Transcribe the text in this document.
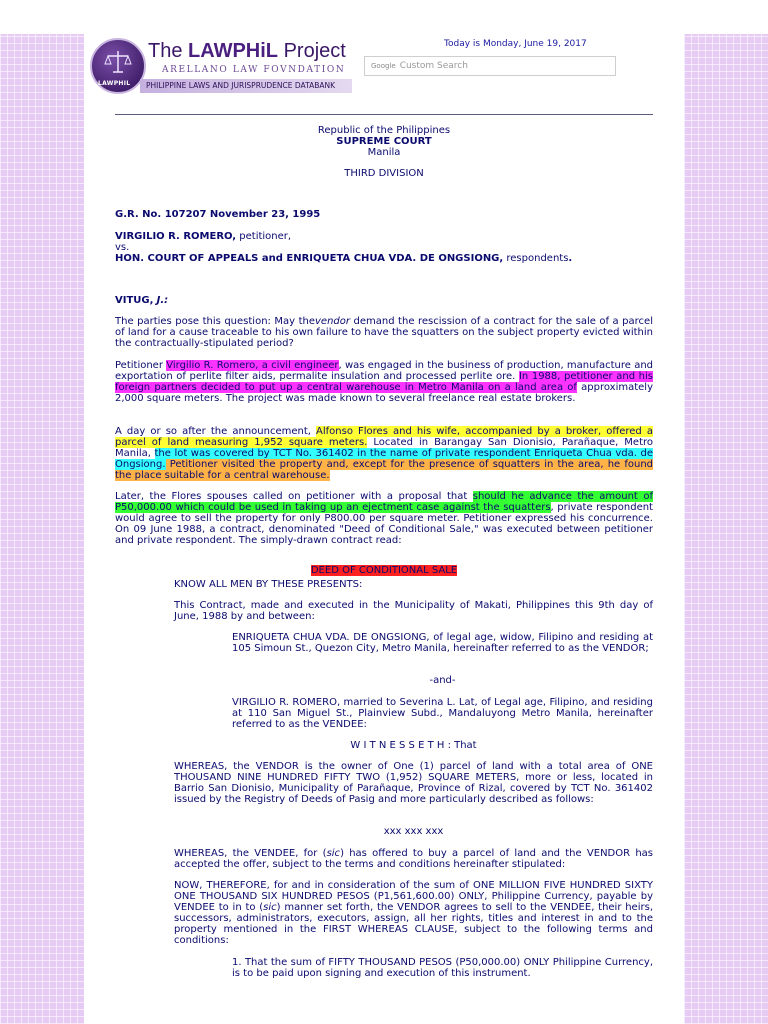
LAWPHIL
The LAWPHiL Project
ARELLANO LAW FOVNDATION
PHILIPPINE LAWS AND JURISPRUDENCE DATABANK
Today is Monday, June 19, 2017
Google Custom Search
Republic of the Philippines
SUPREME COURT
Manila
THIRD DIVISION

G.R. No. 107207 November 23, 1995

VIRGILIO R. ROMERO, petitioner,

vs.

HON. COURT OF APPEALS and ENRIQUETA CHUA VDA. DE ONGSIONG, respondents.

VITUG, J.:

The parties pose this question: May thevendor demand the rescission of a contract for the sale of a parcel of land for a cause traceable to his own failure to have the squatters on the subject property evicted within the contractually-stipulated period?

Petitioner Virgilio R. Romero, a civil engineer, was engaged in the business of production, manufacture and exportation of perlite filter aids, permalite insulation and processed perlite ore. In 1988, petitioner and his foreign partners decided to put up a central warehouse in Metro Manila on a land area of approximately 2,000 square meters. The project was made known to several freelance real estate brokers.

A day or so after the announcement, Alfonso Flores and his wife, accompanied by a broker, offered a parcel of land measuring 1,952 square meters. Located in Barangay San Dionisio, Parañaque, Metro Manila, the lot was covered by TCT No. 361402 in the name of private respondent Enriqueta Chua vda. de Ongsiong. Petitioner visited the property and, except for the presence of squatters in the area, he found the place suitable for a central warehouse.

Later, the Flores spouses called on petitioner with a proposal that should he advance the amount of P50,000.00 which could be used in taking up an ejectment case against the squatters, private respondent would agree to sell the property for only P800.00 per square meter. Petitioner expressed his concurrence. On 09 June 1988, a contract, denominated "Deed of Conditional Sale," was executed between petitioner and private respondent. The simply-drawn contract read:

DEED OF CONDITIONAL SALE

KNOW ALL MEN BY THESE PRESENTS:

This Contract, made and executed in the Municipality of Makati, Philippines this 9th day of June, 1988 by and between:

ENRIQUETA CHUA VDA. DE ONGSIONG, of legal age, widow, Filipino and residing at 105 Simoun St., Quezon City, Metro Manila, hereinafter referred to as the VENDOR;

-and-

VIRGILIO R. ROMERO, married to Severina L. Lat, of Legal age, Filipino, and residing at 110 San Miguel St., Plainview Subd., Mandaluyong Metro Manila, hereinafter referred to as the VENDEE:

W I T N E S S E T H : That

WHEREAS, the VENDOR is the owner of One (1) parcel of land with a total area of ONE THOUSAND NINE HUNDRED FIFTY TWO (1,952) SQUARE METERS, more or less, located in Barrio San Dionisio, Municipality of Parañaque, Province of Rizal, covered by TCT No. 361402 issued by the Registry of Deeds of Pasig and more particularly described as follows:

xxx xxx xxx

WHEREAS, the VENDEE, for (sic) has offered to buy a parcel of land and the VENDOR has accepted the offer, subject to the terms and conditions hereinafter stipulated:

NOW, THEREFORE, for and in consideration of the sum of ONE MILLION FIVE HUNDRED SIXTY ONE THOUSAND SIX HUNDRED PESOS (P1,561,600.00) ONLY, Philippine Currency, payable by VENDEE to in to (sic) manner set forth, the VENDOR agrees to sell to the VENDEE, their heirs, successors, administrators, executors, assign, all her rights, titles and interest in and to the property mentioned in the FIRST WHEREAS CLAUSE, subject to the following terms and conditions:

1. That the sum of FIFTY THOUSAND PESOS (P50,000.00) ONLY Philippine Currency, is to be paid upon signing and execution of this instrument.
